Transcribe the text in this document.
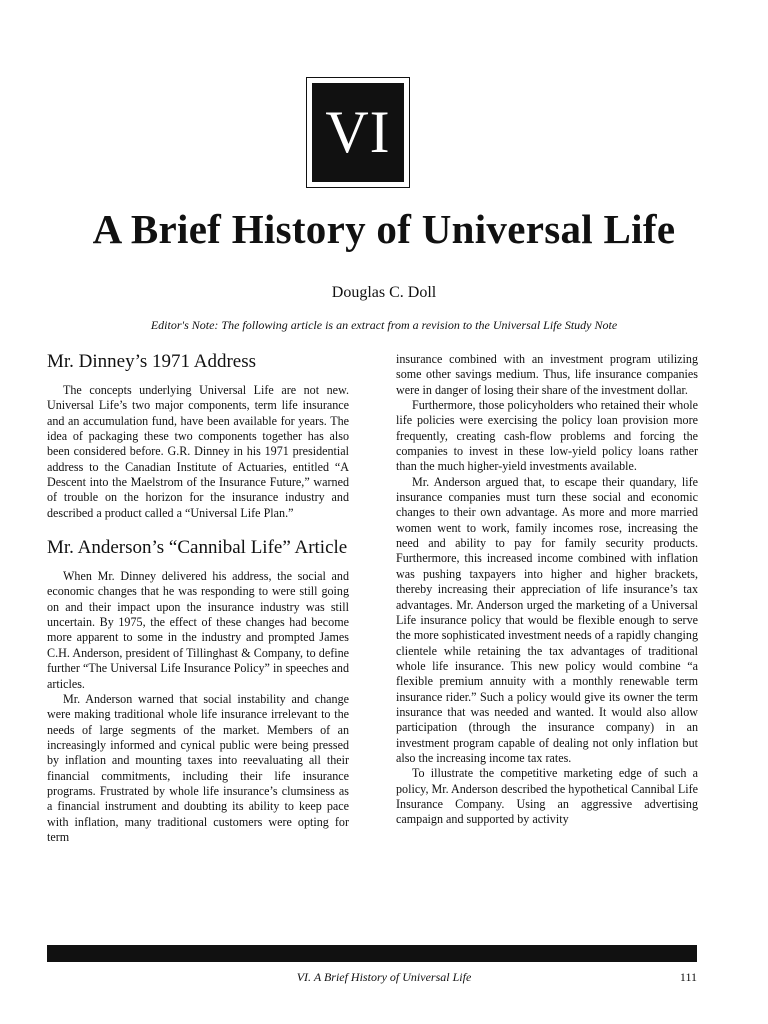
VI
A Brief History of Universal Life
Douglas C. Doll
Editor's Note: The following article is an extract from a revision to the Universal Life Study Note
Mr. Dinney’s 1971 Address

The concepts underlying Universal Life are not new. Universal Life’s two major components, term life insurance and an accumulation fund, have been available for years. The idea of packaging these two components together has also been considered before. G.R. Dinney in his 1971 presidential address to the Canadian Institute of Actuaries, entitled “A Descent into the Maelstrom of the Insurance Future,” warned of trouble on the horizon for the insurance industry and described a product called a “Universal Life Plan.”

Mr. Anderson’s “Cannibal Life” Article

When Mr. Dinney delivered his address, the social and economic changes that he was responding to were still going on and their impact upon the insurance industry was still uncertain. By 1975, the effect of these changes had become more apparent to some in the industry and prompted James C.H. Anderson, president of Tillinghast & Company, to define further “The Universal Life Insurance Policy” in speeches and articles.

Mr. Anderson warned that social instability and change were making traditional whole life insurance irrelevant to the needs of large segments of the market. Members of an increasingly informed and cynical public were being pressed by inflation and mounting taxes into reevaluating all their financial commitments, including their life insurance programs. Frustrated by whole life insurance’s clumsiness as a financial instrument and doubting its ability to keep pace with inflation, many traditional customers were opting for term

insurance combined with an investment program utilizing some other savings medium. Thus, life insurance companies were in danger of losing their share of the investment dollar.

Furthermore, those policyholders who retained their whole life policies were exercising the policy loan provision more frequently, creating cash-flow problems and forcing the companies to invest in these low-yield policy loans rather than the much higher-yield investments available.

Mr. Anderson argued that, to escape their quandary, life insurance companies must turn these social and economic changes to their own advantage. As more and more married women went to work, family incomes rose, increasing the need and ability to pay for family security products. Furthermore, this increased income combined with inflation was pushing taxpayers into higher and higher brackets, thereby increasing their appreciation of life insurance’s tax advantages. Mr. Anderson urged the marketing of a Universal Life insurance policy that would be flexible enough to serve the more sophisticated investment needs of a rapidly changing clientele while retaining the tax advantages of traditional whole life insurance. This new policy would combine “a flexible premium annuity with a monthly renewable term insurance rider.” Such a policy would give its owner the term insurance that was needed and wanted. It would also allow participation (through the insurance company) in an investment program capable of dealing not only inflation but also the increasing income tax rates.

To illustrate the competitive marketing edge of such a policy, Mr. Anderson described the hypothetical Cannibal Life Insurance Company. Using an aggressive advertising campaign and supported by activity

VI. A Brief History of Universal Life	111
